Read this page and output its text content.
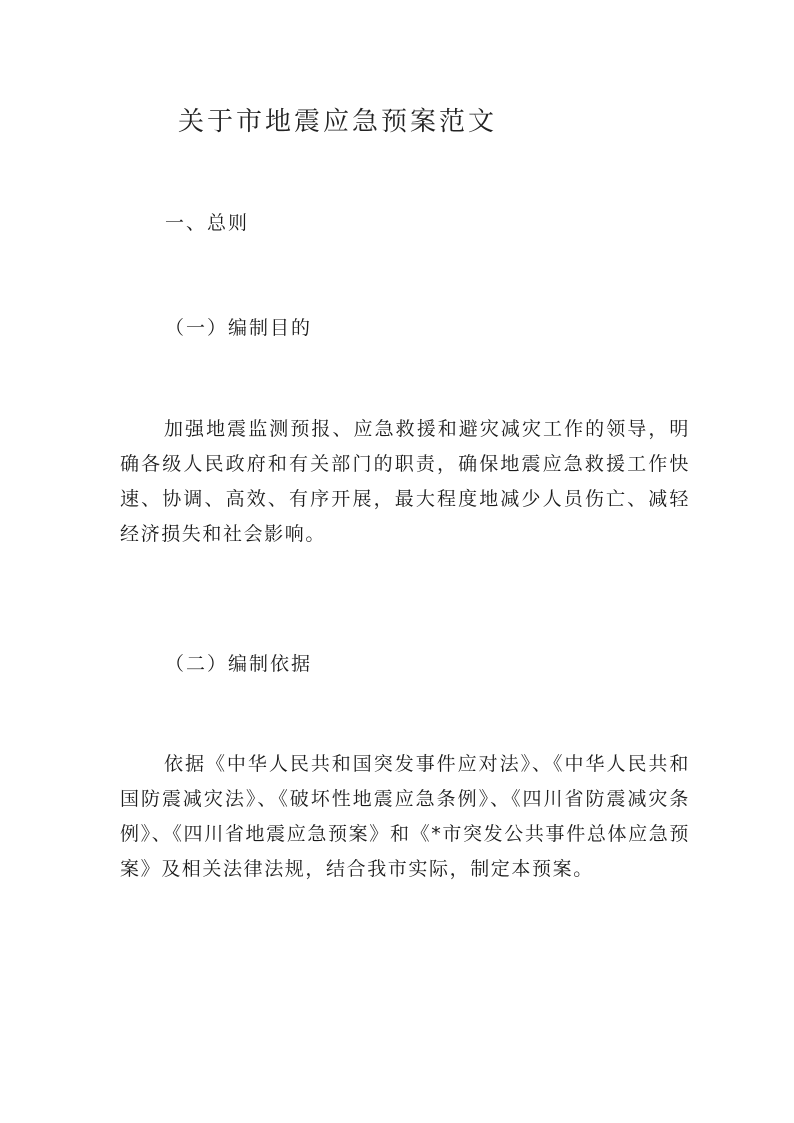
关于市地震应急预案范文
一、总则
（一）编制目的

加强地震监测预报、应急救援和避灾减灾工作的领导，明确各级人民政府和有关部门的职责，确保地震应急救援工作快速、协调、高效、有序开展，最大程度地减少人员伤亡、减轻经济损失和社会影响。

（二）编制依据

依据《中华人民共和国突发事件应对法》、《中华人民共和国防震减灾法》、《破坏性地震应急条例》、《四川省防震减灾条例》、《四川省地震应急预案》和《*市突发公共事件总体应急预案》及相关法律法规，结合我市实际，制定本预案。
